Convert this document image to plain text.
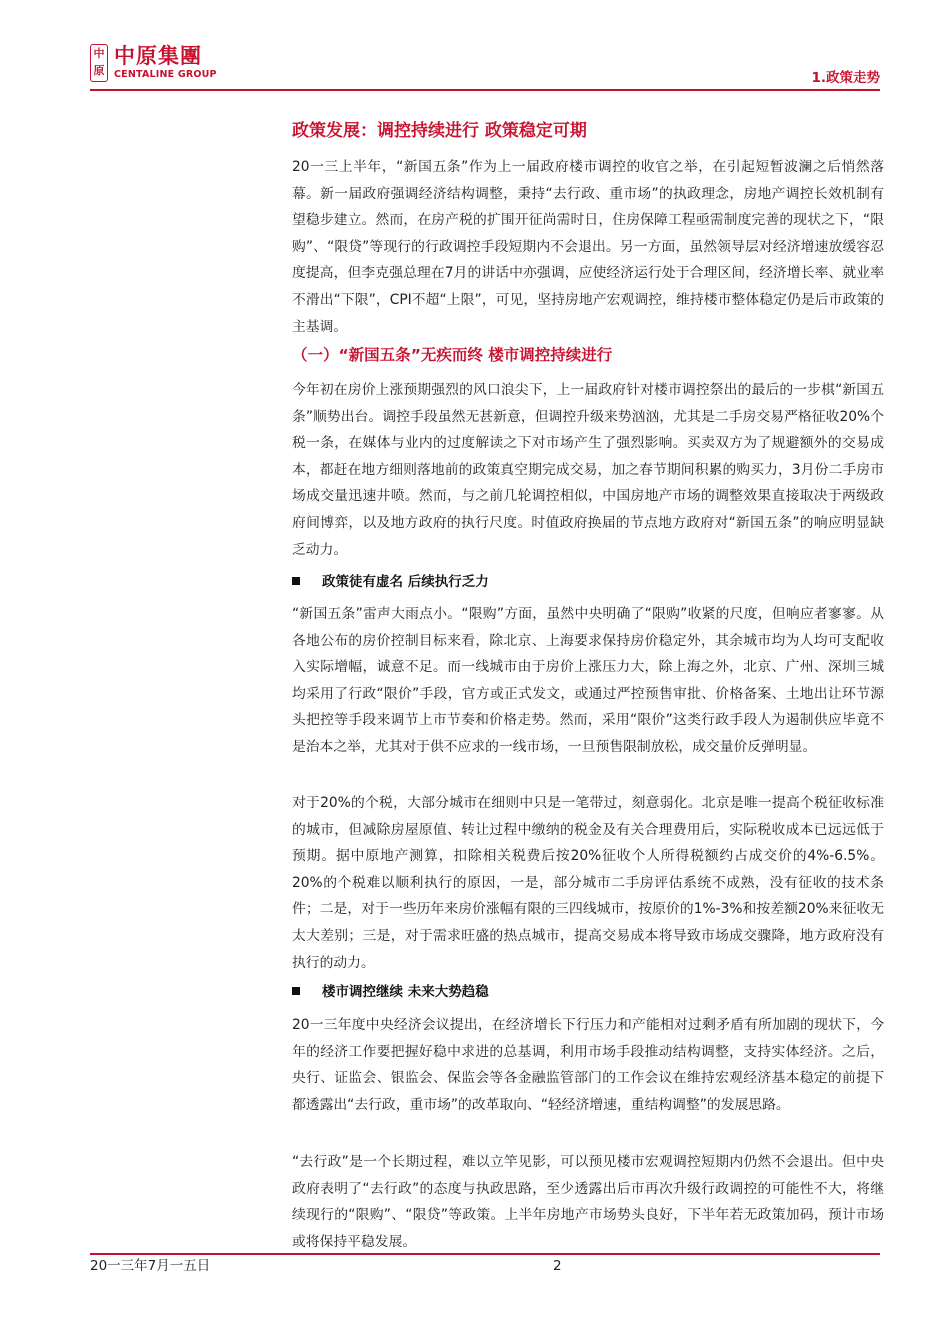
中原
中原集團
CENTALINE GROUP	1.政策走势
政策发展：调控持续进行 政策稳定可期

20一三上半年，“新国五条”作为上一届政府楼市调控的收官之举，在引起短暂波澜之后悄然落幕。新一届政府强调经济结构调整，秉持“去行政、重市场”的执政理念，房地产调控长效机制有望稳步建立。然而，在房产税的扩围开征尚需时日，住房保障工程亟需制度完善的现状之下，“限购”、“限贷”等现行的行政调控手段短期内不会退出。另一方面，虽然领导层对经济增速放缓容忍度提高，但李克强总理在7月的讲话中亦强调，应使经济运行处于合理区间，经济增长率、就业率不滑出“下限”，CPI不超“上限”，可见，坚持房地产宏观调控，维持楼市整体稳定仍是后市政策的主基调。

（一）“新国五条”无疾而终 楼市调控持续进行

今年初在房价上涨预期强烈的风口浪尖下，上一届政府针对楼市调控祭出的最后的一步棋“新国五条”顺势出台。调控手段虽然无甚新意，但调控升级来势汹汹，尤其是二手房交易严格征收20%个税一条，在媒体与业内的过度解读之下对市场产生了强烈影响。买卖双方为了规避额外的交易成本，都赶在地方细则落地前的政策真空期完成交易，加之春节期间积累的购买力，3月份二手房市场成交量迅速井喷。然而，与之前几轮调控相似，中国房地产市场的调整效果直接取决于两级政府间博弈，以及地方政府的执行尺度。时值政府换届的节点地方政府对“新国五条”的响应明显缺乏动力。

政策徒有虚名 后续执行乏力

“新国五条”雷声大雨点小。“限购”方面，虽然中央明确了“限购”收紧的尺度，但响应者寥寥。从各地公布的房价控制目标来看，除北京、上海要求保持房价稳定外，其余城市均为人均可支配收入实际增幅，诚意不足。而一线城市由于房价上涨压力大，除上海之外，北京、广州、深圳三城均采用了行政“限价”手段，官方或正式发文，或通过严控预售审批、价格备案、土地出让环节源头把控等手段来调节上市节奏和价格走势。然而，采用“限价”这类行政手段人为遏制供应毕竟不是治本之举，尤其对于供不应求的一线市场，一旦预售限制放松，成交量价反弹明显。

对于20%的个税，大部分城市在细则中只是一笔带过，刻意弱化。北京是唯一提高个税征收标准的城市，但减除房屋原值、转让过程中缴纳的税金及有关合理费用后，实际税收成本已远远低于预期。据中原地产测算，扣除相关税费后按20%征收个人所得税额约占成交价的4%-6.5%。20%的个税难以顺利执行的原因，一是，部分城市二手房评估系统不成熟，没有征收的技术条件；二是，对于一些历年来房价涨幅有限的三四线城市，按原价的1%-3%和按差额20%来征收无太大差别；三是，对于需求旺盛的热点城市，提高交易成本将导致市场成交骤降，地方政府没有执行的动力。

楼市调控继续 未来大势趋稳

20一三年度中央经济会议提出，在经济增长下行压力和产能相对过剩矛盾有所加剧的现状下，今年的经济工作要把握好稳中求进的总基调，利用市场手段推动结构调整，支持实体经济。之后，央行、证监会、银监会、保监会等各金融监管部门的工作会议在维持宏观经济基本稳定的前提下都透露出“去行政，重市场”的改革取向、“轻经济增速，重结构调整”的发展思路。

“去行政”是一个长期过程，难以立竿见影，可以预见楼市宏观调控短期内仍然不会退出。但中央政府表明了“去行政”的态度与执政思路，至少透露出后市再次升级行政调控的可能性不大，将继续现行的“限购”、“限贷”等政策。上半年房地产市场势头良好，下半年若无政策加码，预计市场或将保持平稳发展。

20一三年7月一五日	2
